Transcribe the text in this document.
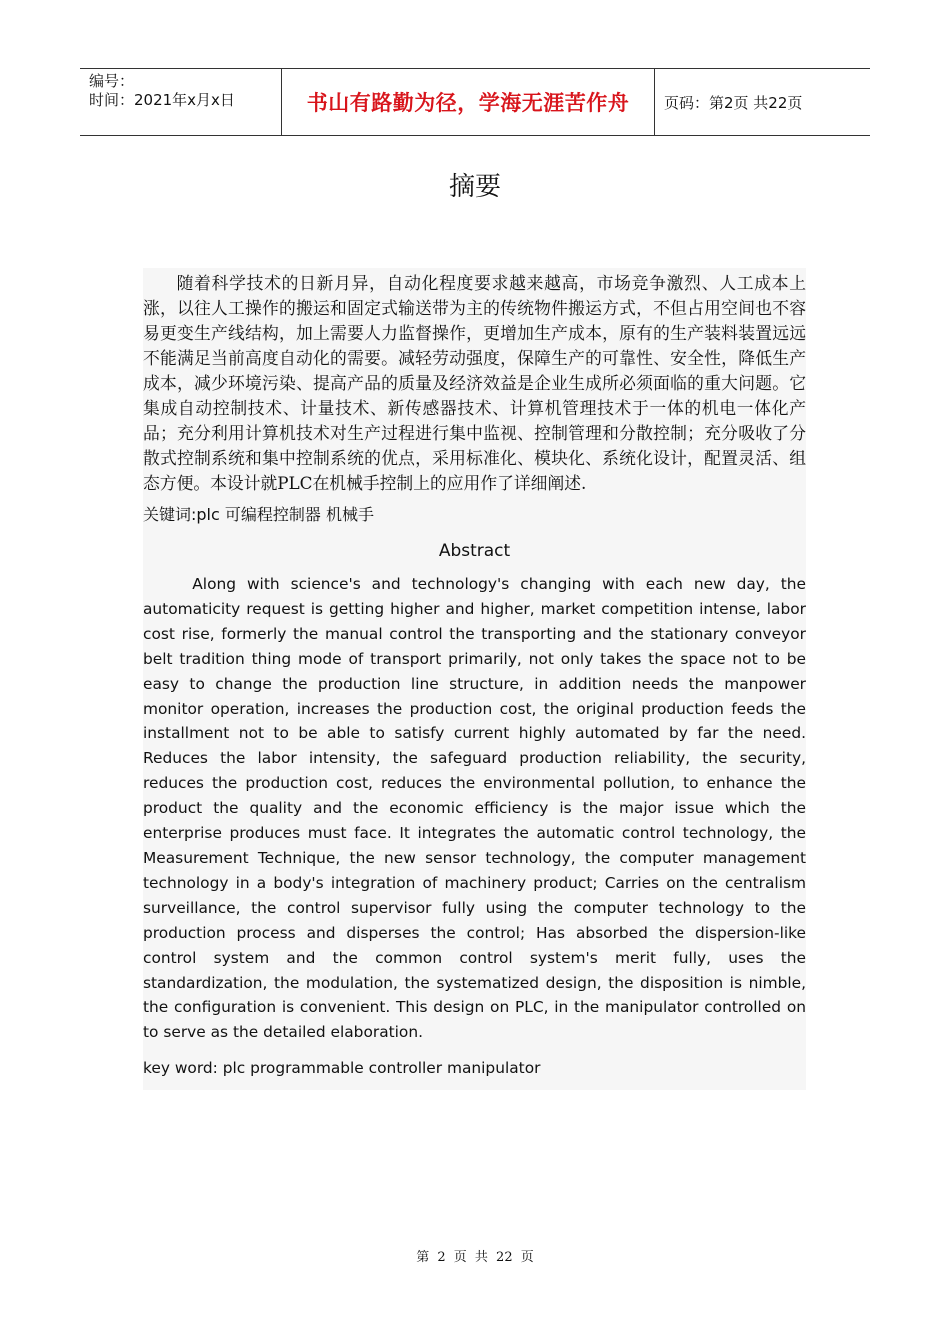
编号：
时间：2021年x月x日	书山有路勤为径，学海无涯苦作舟	页码：第2页 共22页
摘要

随着科学技术的日新月异，自动化程度要求越来越高，市场竞争激烈、人工成本上涨，以往人工操作的搬运和固定式输送带为主的传统物件搬运方式，不但占用空间也不容易更变生产线结构，加上需要人力监督操作，更增加生产成本，原有的生产装料装置远远不能满足当前高度自动化的需要。减轻劳动强度，保障生产的可靠性、安全性，降低生产成本，减少环境污染、提高产品的质量及经济效益是企业生成所必须面临的重大问题。它集成自动控制技术、计量技术、新传感器技术、计算机管理技术于一体的机电一体化产品；充分利用计算机技术对生产过程进行集中监视、控制管理和分散控制；充分吸收了分散式控制系统和集中控制系统的优点，采用标准化、模块化、系统化设计，配置灵活、组态方便。本设计就PLC在机械手控制上的应用作了详细阐述.

关键词:plc 可编程控制器 机械手

Abstract

Along with science's and technology's changing with each new day, the automaticity request is getting higher and higher, market competition intense, labor cost rise, formerly the manual control the transporting and the stationary conveyor belt tradition thing mode of transport primarily, not only takes the space not to be easy to change the production line structure, in addition needs the manpower monitor operation, increases the production cost, the original production feeds the installment not to be able to satisfy current highly automated by far the need. Reduces the labor intensity, the safeguard production reliability, the security, reduces the production cost, reduces the environmental pollution, to enhance the product the quality and the economic efficiency is the major issue which the enterprise produces must face. It integrates the automatic control technology, the Measurement Technique, the new sensor technology, the computer management technology in a body's integration of machinery product; Carries on the centralism surveillance, the control supervisor fully using the computer technology to the production process and disperses the control; Has absorbed the dispersion-like control system and the common control system's merit fully, uses the standardization, the modulation, the systematized design, the disposition is nimble, the configuration is convenient. This design on PLC, in the manipulator controlled on to serve as the detailed elaboration.

key word: plc programmable controller manipulator

第 2 页 共 22 页
